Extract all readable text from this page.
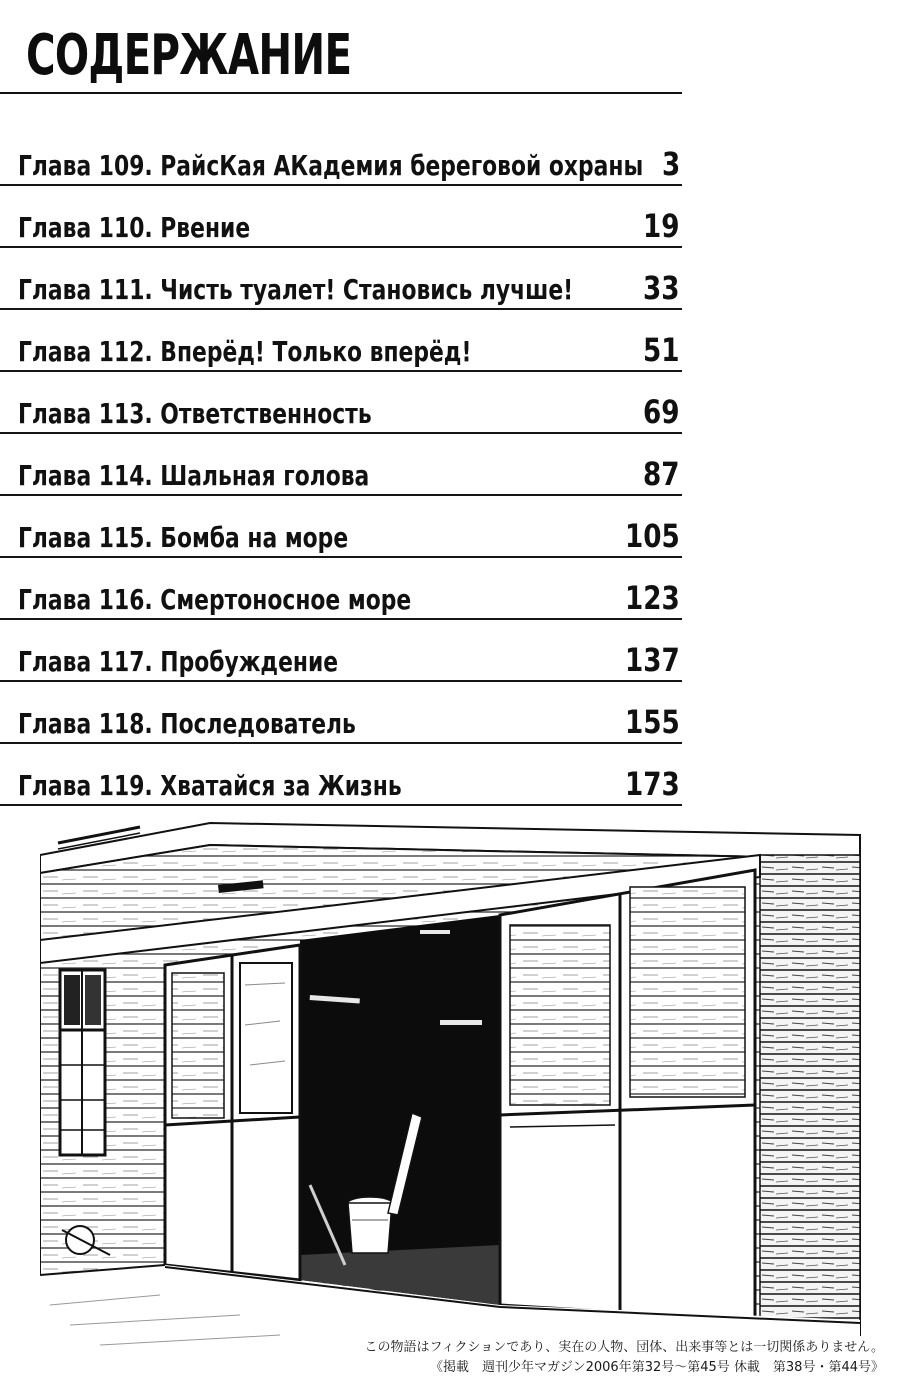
СОДЕРЖАНИЕ
Глава 109. РайсКая АКадемия береговой охраны 3
Глава 110. Рвение	19
Глава 111. Чисть туалет! Становись лучше! 33
Глава 112. Вперёд! Только вперёд!	51
Глава 113. Ответственность	69
Глава 114. Шальная голова	87
Глава 115. Бомба на море	105
Глава 116. Смертоносное море	123
Глава 117. Пробуждение	137
Глава 118. Последователь	155
Глава 119. Хватайся за Жизнь	173
この物語はフィクションであり、実在の人物、団体、出来事等とは一切関係ありません。
《掲載　週刊少年マガジン2006年第32号～第45号 休載　第38号・第44号》
